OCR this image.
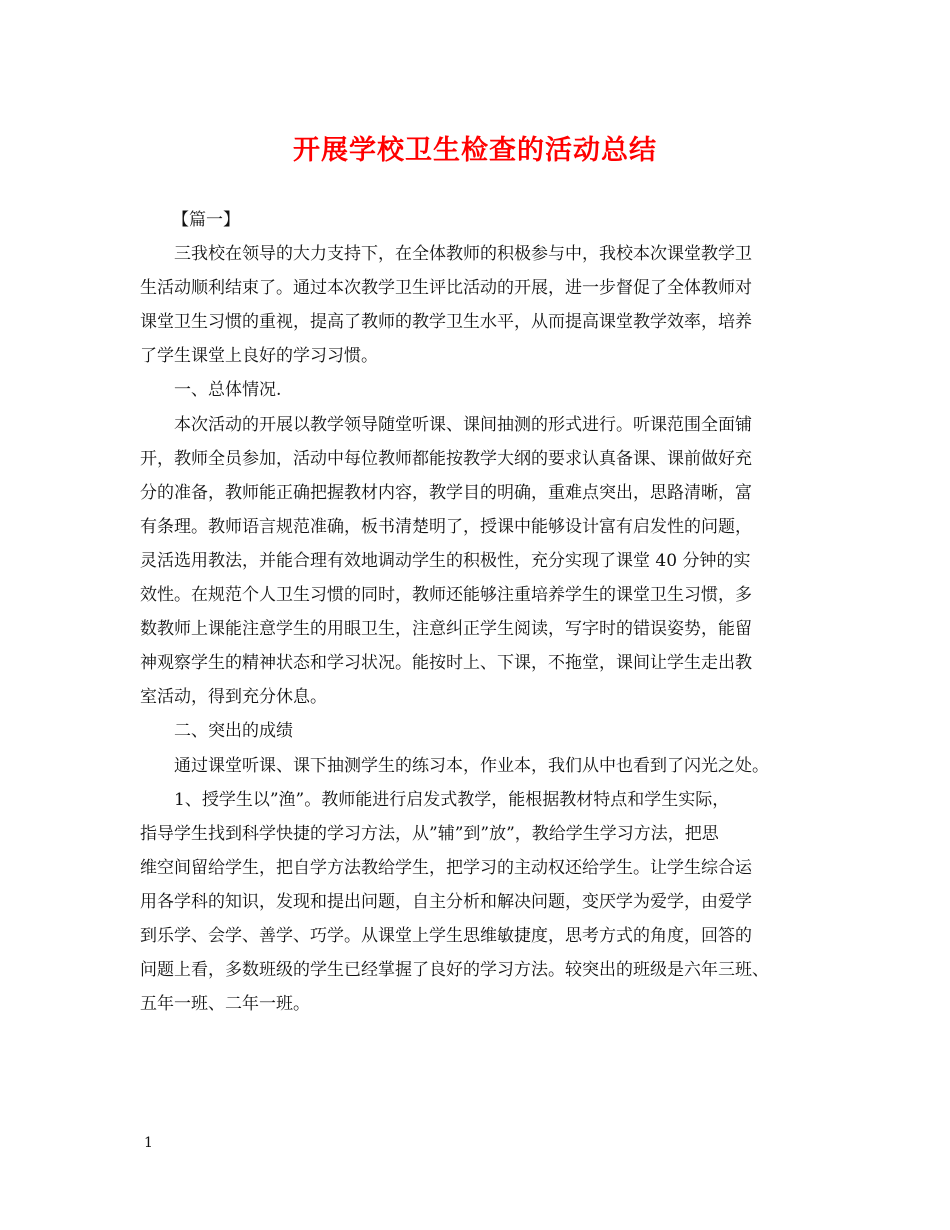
开展学校卫生检查的活动总结

【篇一】

三我校在领导的大力支持下，在全体教师的积极参与中，我校本次课堂教学卫

生活动顺利结束了。通过本次教学卫生评比活动的开展，进一步督促了全体教师对

课堂卫生习惯的重视，提高了教师的教学卫生水平，从而提高课堂教学效率，培养

了学生课堂上良好的学习习惯。

一、总体情况.

本次活动的开展以教学领导随堂听课、课间抽测的形式进行。听课范围全面铺

开，教师全员参加，活动中每位教师都能按教学大纲的要求认真备课、课前做好充

分的准备，教师能正确把握教材内容，教学目的明确，重难点突出，思路清晰，富

有条理。教师语言规范准确，板书清楚明了，授课中能够设计富有启发性的问题，

灵活选用教法，并能合理有效地调动学生的积极性，充分实现了课堂 40 分钟的实

效性。在规范个人卫生习惯的同时，教师还能够注重培养学生的课堂卫生习惯，多

数教师上课能注意学生的用眼卫生，注意纠正学生阅读，写字时的错误姿势，能留

神观察学生的精神状态和学习状况。能按时上、下课，不拖堂，课间让学生走出教

室活动，得到充分休息。

二、突出的成绩

通过课堂听课、课下抽测学生的练习本，作业本，我们从中也看到了闪光之处。

1、授学生以”渔”。教师能进行启发式教学，能根据教材特点和学生实际，

指导学生找到科学快捷的学习方法，从”辅”到”放”，教给学生学习方法，把思

维空间留给学生，把自学方法教给学生，把学习的主动权还给学生。让学生综合运

用各学科的知识，发现和提出问题，自主分析和解决问题，变厌学为爱学，由爱学

到乐学、会学、善学、巧学。从课堂上学生思维敏捷度，思考方式的角度，回答的

问题上看，多数班级的学生已经掌握了良好的学习方法。较突出的班级是六年三班、

五年一班、二年一班。

1
